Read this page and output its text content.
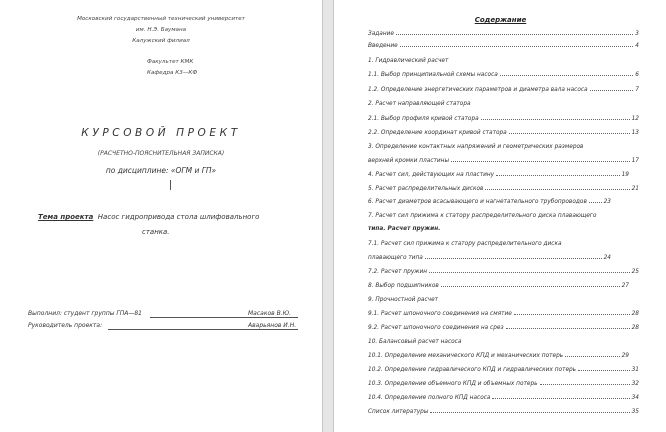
Московский государственный технический университет
им. Н.Э. Баумана
Калужский филиал
Факультет КМК
Кафедра К3—КФ
КУРСОВОЙ ПРОЕКТ
(РАСЧЕТНО-ПОЯСНИТЕЛЬНАЯ ЗАПИСКА)
по дисциплине: «ОГМ и ГП»
Тема проекта Насос гидропривода стола шлифовального
станка.
Выполнил: студент группы ГПА—81	Масаков В.Ю.
Руководитель проекта:	Аварьянов И.Н.
Содержание
Задание	3
Введение	4
1. Гидравлический расчет
1.1. Выбор принципиальной схемы насоса	6
1.2. Определение энергетических параметров и диаметра вала насоса	7
2. Расчет направляющей статора
2.1. Выбор профиля кривой статора	12
2.2. Определение координат кривой статора	13
3. Определение контактных напряжений и геометрических размеров
верхней кромки пластины	17
4. Расчет сил, действующих на пластину	19
5. Расчет распределительных дисков	21
6. Расчет диаметров всасывающего и нагнетательного трубопроводов	23
7. Расчет сил прижима к статору распределительного диска плавающего
типа. Расчет пружин.
7.1. Расчет сил прижима к статору распределительного диска
плавающего типа	24
7.2. Расчет пружин	25
8. Выбор подшипников	27
9. Прочностной расчет
9.1. Расчет шпоночного соединения на смятие	28
9.2. Расчет шпоночного соединения на срез	28
10. Балансовый расчет насоса
10.1. Определение механического КПД и механических потерь	29
10.2. Определение гидравлического КПД и гидравлических потерь	31
10.3. Определение объемного КПД и объемных потерь	32
10.4. Определение полного КПД насоса	34
Список литературы	35
